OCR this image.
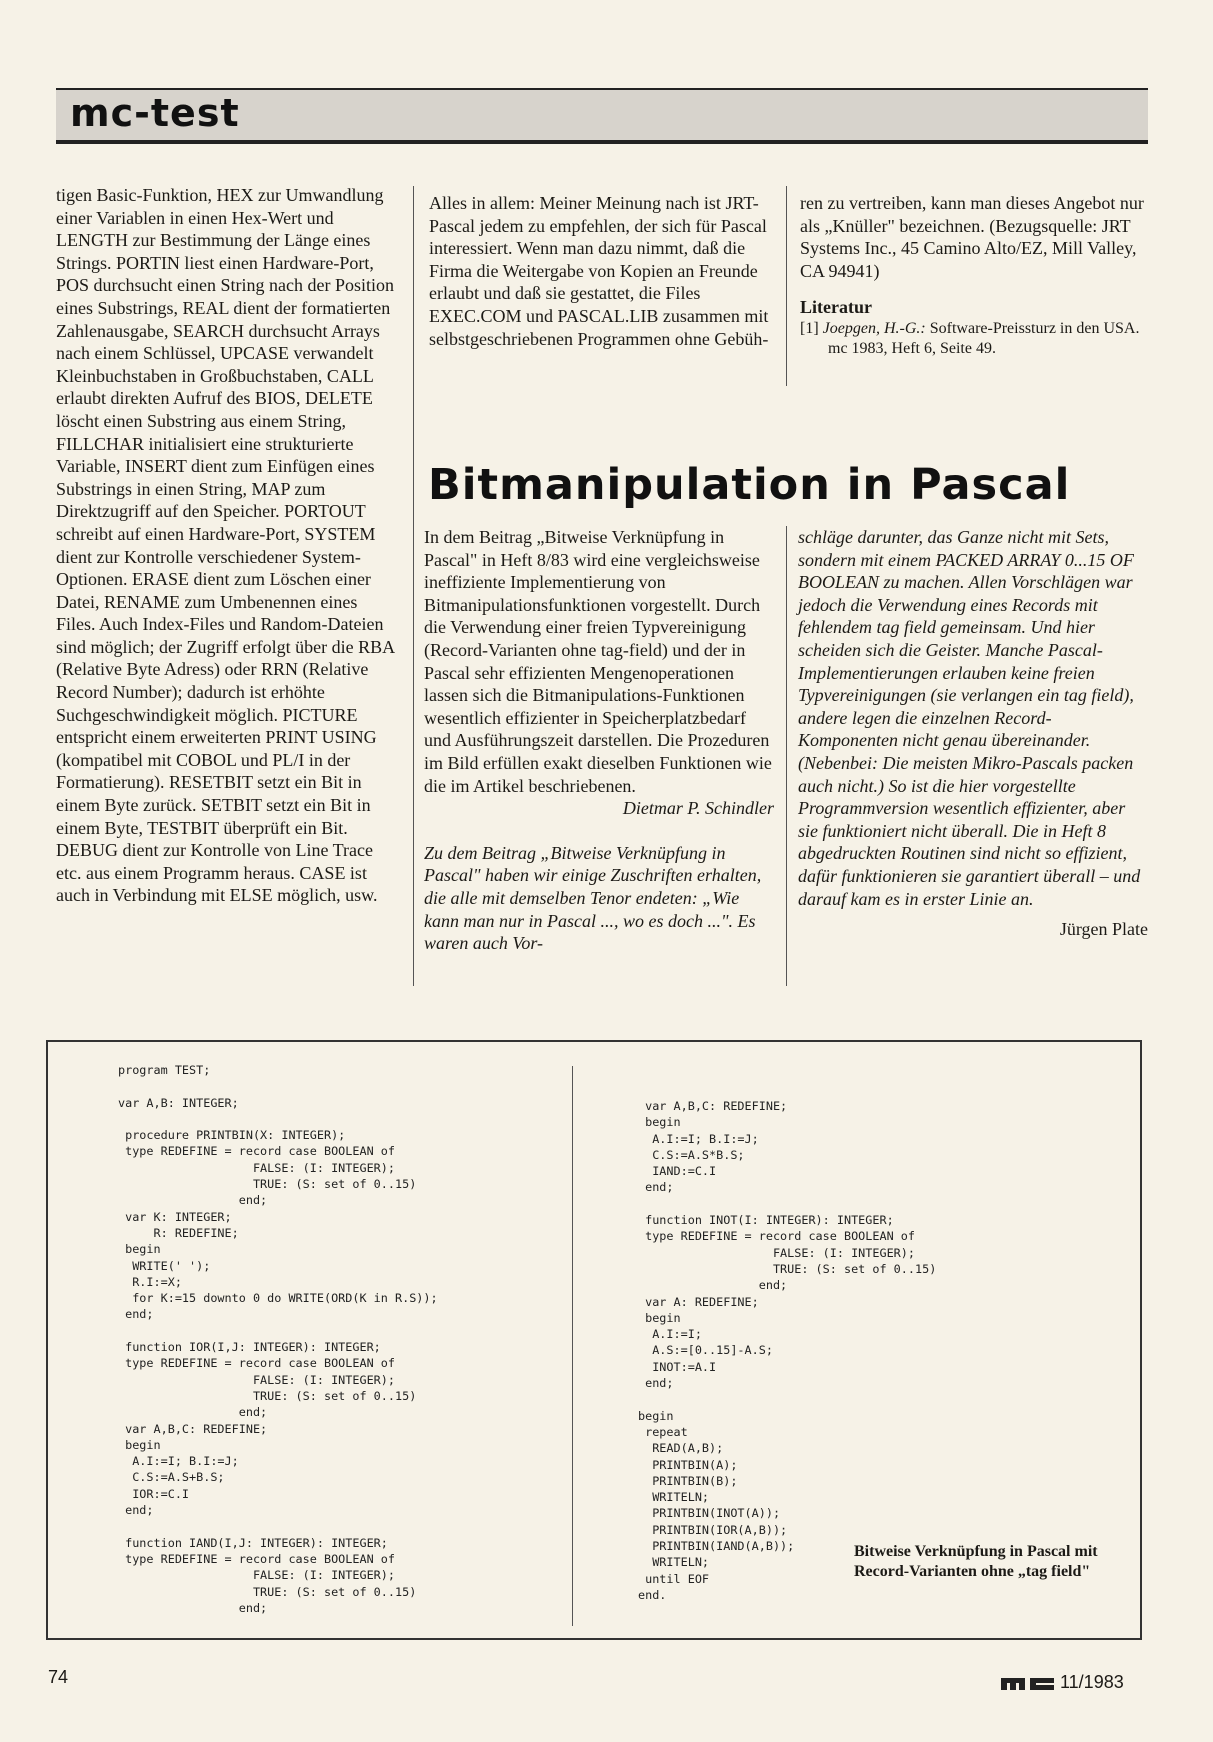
mc-test

tigen Basic-Funktion, HEX zur Umwandlung einer Variablen in einen Hex-Wert und LENGTH zur Bestimmung der Länge eines Strings. PORTIN liest einen Hardware-Port, POS durchsucht einen String nach der Position eines Substrings, REAL dient der formatierten Zahlenausgabe, SEARCH durchsucht Arrays nach einem Schlüssel, UPCASE verwandelt Kleinbuchstaben in Großbuchstaben, CALL erlaubt direkten Aufruf des BIOS, DELETE löscht einen Substring aus einem String, FILLCHAR initialisiert eine strukturierte Variable, INSERT dient zum Einfügen eines Substrings in einen String, MAP zum Direktzugriff auf den Speicher. PORTOUT schreibt auf einen Hardware-Port, SYSTEM dient zur Kontrolle verschiedener System-Optionen. ERASE dient zum Löschen einer Datei, RENAME zum Umbenennen eines Files. Auch Index-Files und Random-Dateien sind möglich; der Zugriff erfolgt über die RBA (Relative Byte Adress) oder RRN (Relative Record Number); dadurch ist erhöhte Suchgeschwindigkeit möglich. PICTURE entspricht einem erweiterten PRINT USING (kompatibel mit COBOL und PL/I in der Formatierung). RESETBIT setzt ein Bit in einem Byte zurück. SETBIT setzt ein Bit in einem Byte, TESTBIT überprüft ein Bit. DEBUG dient zur Kontrolle von Line Trace etc. aus einem Programm heraus. CASE ist auch in Verbindung mit ELSE möglich, usw.

Alles in allem: Meiner Meinung nach ist JRT-Pascal jedem zu empfehlen, der sich für Pascal interessiert. Wenn man dazu nimmt, daß die Firma die Weitergabe von Kopien an Freunde erlaubt und daß sie gestattet, die Files EXEC.COM und PASCAL.LIB zusammen mit selbstgeschriebenen Programmen ohne Gebüh-

ren zu vertreiben, kann man dieses Angebot nur als „Knüller" bezeichnen. (Bezugsquelle: JRT Systems Inc., 45 Camino Alto/EZ, Mill Valley, CA 94941)

Literatur

[1] Joepgen, H.-G.: Software-Preissturz in den USA. mc 1983, Heft 6, Seite 49.

Bitmanipulation in Pascal

In dem Beitrag „Bitweise Verknüpfung in Pascal" in Heft 8/83 wird eine vergleichsweise ineffiziente Implementierung von Bitmanipulationsfunktionen vorgestellt. Durch die Verwendung einer freien Typvereinigung (Record-Varianten ohne tag-field) und der in Pascal sehr effizienten Mengenoperationen lassen sich die Bitmanipulations-Funktionen wesentlich effizienter in Speicherplatzbedarf und Ausführungszeit darstellen. Die Prozeduren im Bild erfüllen exakt dieselben Funktionen wie die im Artikel beschriebenen.

Dietmar P. Schindler

Zu dem Beitrag „Bitweise Verknüpfung in Pascal" haben wir einige Zuschriften erhalten, die alle mit demselben Tenor endeten: „Wie kann man nur in Pascal ..., wo es doch ...". Es waren auch Vor-

schläge darunter, das Ganze nicht mit Sets, sondern mit einem PACKED ARRAY 0...15 OF BOOLEAN zu machen. Allen Vorschlägen war jedoch die Verwendung eines Records mit fehlendem tag field gemeinsam. Und hier scheiden sich die Geister. Manche Pascal-Implementierungen erlauben keine freien Typvereinigungen (sie verlangen ein tag field), andere legen die einzelnen Record-Komponenten nicht genau übereinander. (Nebenbei: Die meisten Mikro-Pascals packen auch nicht.) So ist die hier vorgestellte Programmversion wesentlich effizienter, aber sie funktioniert nicht überall. Die in Heft 8 abgedruckten Routinen sind nicht so effizient, dafür funktionieren sie garantiert überall – und darauf kam es in erster Linie an.

Jürgen Plate

program TEST;

var A,B: INTEGER;

procedure PRINTBIN(X: INTEGER);
type REDEFINE = record case BOOLEAN of
FALSE: (I: INTEGER);
TRUE: (S: set of 0..15)
end;
var K: INTEGER;
R: REDEFINE;
begin
WRITE(' ');
R.I:=X;
for K:=15 downto 0 do WRITE(ORD(K in R.S));
end;

function IOR(I,J: INTEGER): INTEGER;
type REDEFINE = record case BOOLEAN of
FALSE: (I: INTEGER);
TRUE: (S: set of 0..15)
end;
var A,B,C: REDEFINE;
begin
A.I:=I; B.I:=J;
C.S:=A.S+B.S;
IOR:=C.I
end;

function IAND(I,J: INTEGER): INTEGER;
type REDEFINE = record case BOOLEAN of
FALSE: (I: INTEGER);
TRUE: (S: set of 0..15)
end;
var A,B,C: REDEFINE;
begin
A.I:=I; B.I:=J;
C.S:=A.S*B.S;
IAND:=C.I
end;

function INOT(I: INTEGER): INTEGER;
type REDEFINE = record case BOOLEAN of
FALSE: (I: INTEGER);
TRUE: (S: set of 0..15)
end;
var A: REDEFINE;
begin
A.I:=I;
A.S:=[0..15]-A.S;
INOT:=A.I
end;

begin
repeat
READ(A,B);
PRINTBIN(A);
PRINTBIN(B);
WRITELN;
PRINTBIN(INOT(A));
PRINTBIN(IOR(A,B));
PRINTBIN(IAND(A,B));
WRITELN;
until EOF
end.
Bitweise Verknüpfung in Pascal mit Record-Varianten ohne „tag field"
74	11/1983
